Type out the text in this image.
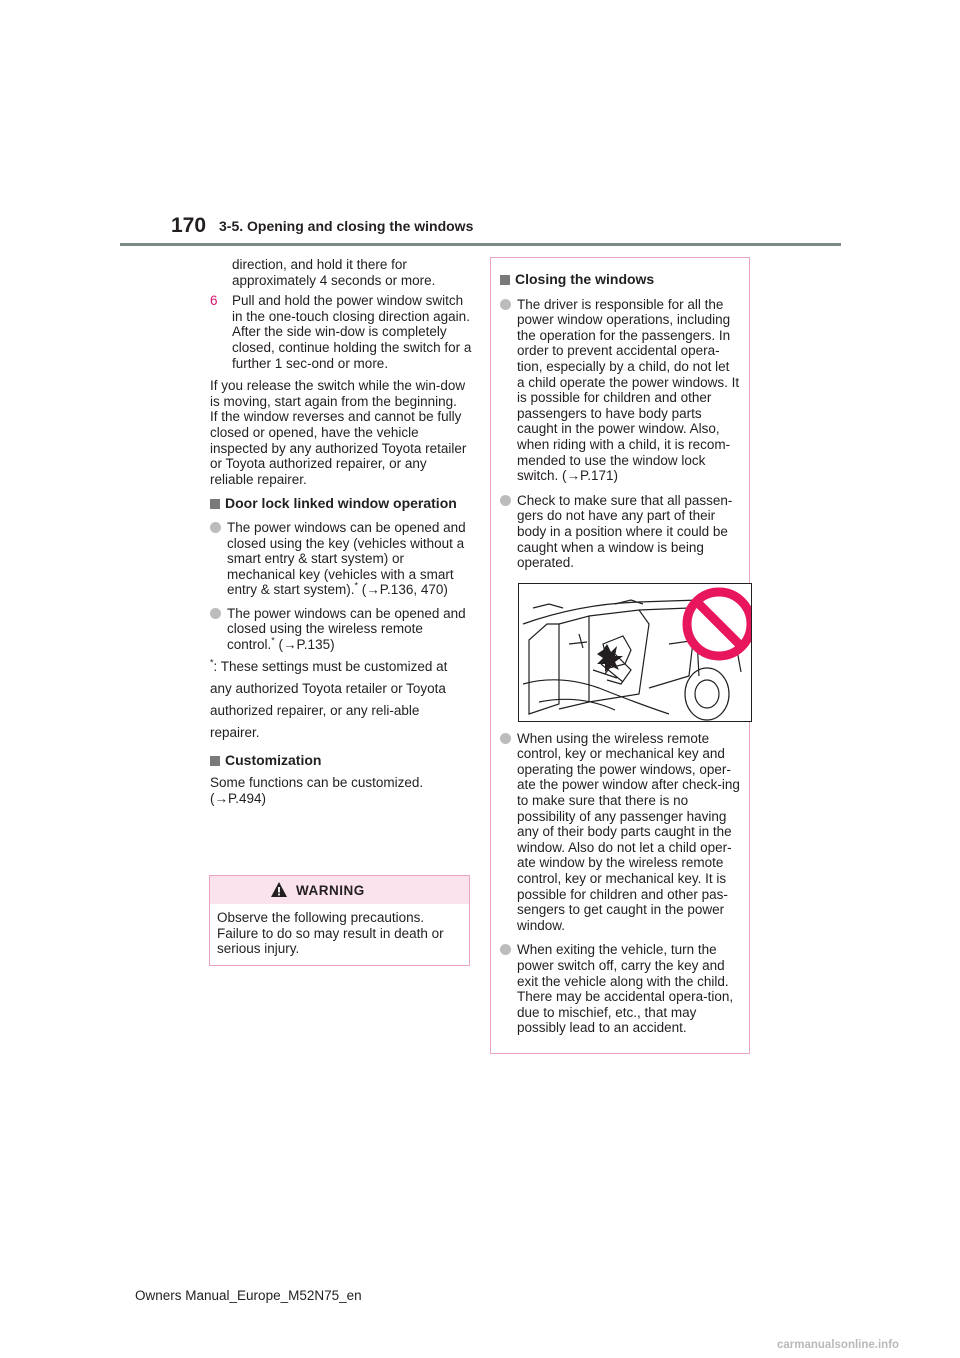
170 3-5. Opening and closing the windows

direction, and hold it there for approximately 4 seconds or more.

6 Pull and hold the power window switch in the one-touch closing direction again. After the side win-dow is completely closed, continue holding the switch for a further 1 sec-ond or more.

If you release the switch while the win-dow is moving, start again from the beginning.

If the window reverses and cannot be fully closed or opened, have the vehicle inspected by any authorized Toyota retailer or Toyota authorized repairer, or any reliable repairer.

Door lock linked window operation

The power windows can be opened and closed using the key (vehicles without a smart entry & start system) or mechanical key (vehicles with a smart entry & start system).* (→P.136, 470)

The power windows can be opened and closed using the wireless remote control.* (→P.135)

*: These settings must be customized at any authorized Toyota retailer or Toyota authorized repairer, or any reli-able repairer.

Customization

Some functions can be customized. (→P.494)

WARNING
Observe the following precautions. Failure to do so may result in death or serious injury.

Closing the windows

The driver is responsible for all the power window operations, including the operation for the passengers. In order to prevent accidental opera-tion, especially by a child, do not let a child operate the power windows. It is possible for children and other passengers to have body parts caught in the power window. Also, when riding with a child, it is recom-mended to use the window lock switch. (→P.171)

Check to make sure that all passen-gers do not have any part of their body in a position where it could be caught when a window is being operated.

When using the wireless remote control, key or mechanical key and operating the power windows, oper-ate the power window after check-ing to make sure that there is no possibility of any passenger having any of their body parts caught in the window. Also do not let a child oper-ate window by the wireless remote control, key or mechanical key. It is possible for children and other pas-sengers to get caught in the power window.

When exiting the vehicle, turn the power switch off, carry the key and exit the vehicle along with the child. There may be accidental opera-tion, due to mischief, etc., that may possibly lead to an accident.

Owners Manual_Europe_M52N75_en
carmanualsonline.info
